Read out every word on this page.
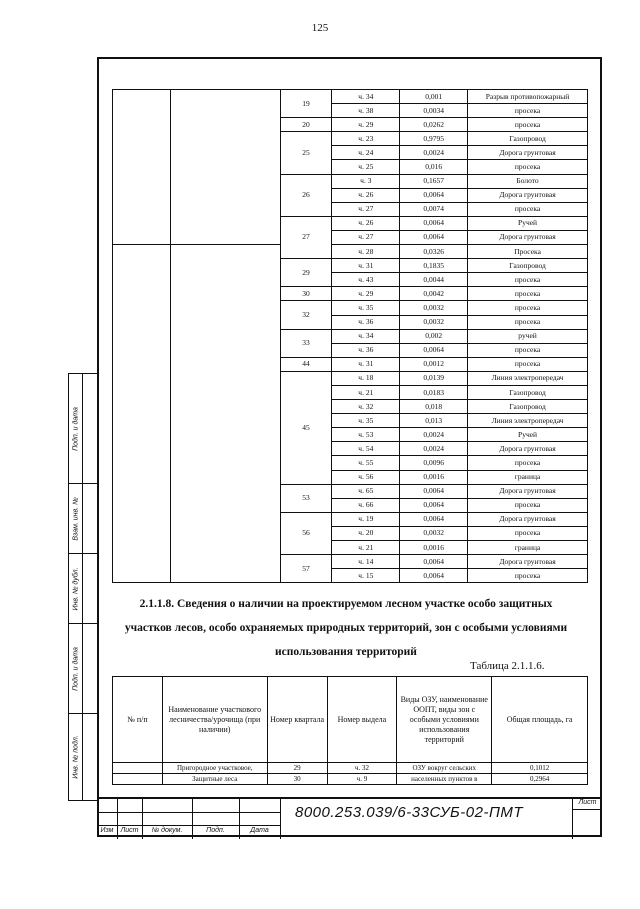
125
Подп. и дата
Взам. инв. №
Инв. № дубл.
Подп. и дата
Инв. № подл.
		19	ч. 34	0,001	Разрыв противопожарный
			ч. 38	0,0034	просека
		20	ч. 29	0,0262	просека
		25	ч. 23	0,9795	Газопровод
			ч. 24	0,0024	Дорога грунтовая
			ч. 25	0,016	просека
		26	ч. 3	0,1657	Болото
			ч. 26	0,0064	Дорога грунтовая
			ч. 27	0,0074	просека
		27	ч. 26	0,0064	Ручей
			ч. 27	0,0064	Дорога грунтовая
			ч. 28	0,0326	Просека
		29	ч. 31	0,1835	Газопровод
			ч. 43	0,0044	просека
		30	ч. 29	0,0042	просека
		32	ч. 35	0,0032	просека
			ч. 36	0,0032	просека
		33	ч. 34	0,002	ручей
			ч. 36	0,0064	просека
		44	ч. 31	0,0012	просека
		45	ч. 18	0,0139	Линия электропередач
			ч. 21	0,0183	Газопровод
			ч. 32	0,018	Газопровод
			ч. 35	0,013	Линия электропередач
			ч. 53	0,0024	Ручей
			ч. 54	0,0024	Дорога грунтовая
			ч. 55	0,0096	просека
			ч. 56	0,0016	граница
		53	ч. 65	0,0064	Дорога грунтовая
			ч. 66	0,0064	просека
		56	ч. 19	0,0064	Дорога грунтовая
			ч. 20	0,0032	просека
			ч. 21	0,0016	граница
		57	ч. 14	0,0064	Дорога грунтовая
			ч. 15	0,0064	просека
2.1.1.8. Сведения о наличии на проектируемом лесном участке особо защитных участков лесов, особо охраняемых природных территорий, зон с особыми условиями использования территорий
Таблица 2.1.1.6.
№ п/п	Наименование участкового лесничества/урочища (при наличии)	Номер квартала	Номер выдела	Виды ОЗУ, наименование ООПТ, виды зон с особыми условиями использования территорий	Общая площадь, га
	Пригородное участковое,	29	ч. 32	ОЗУ вокруг сельских	0,1012
	Защитные леса	30	ч. 9	населенных пунктов в	0,2964
Изм	Лист	№ докум.	Подп.	Дата
8000.253.039/6-33СУБ-02-ПМТ
Лист
